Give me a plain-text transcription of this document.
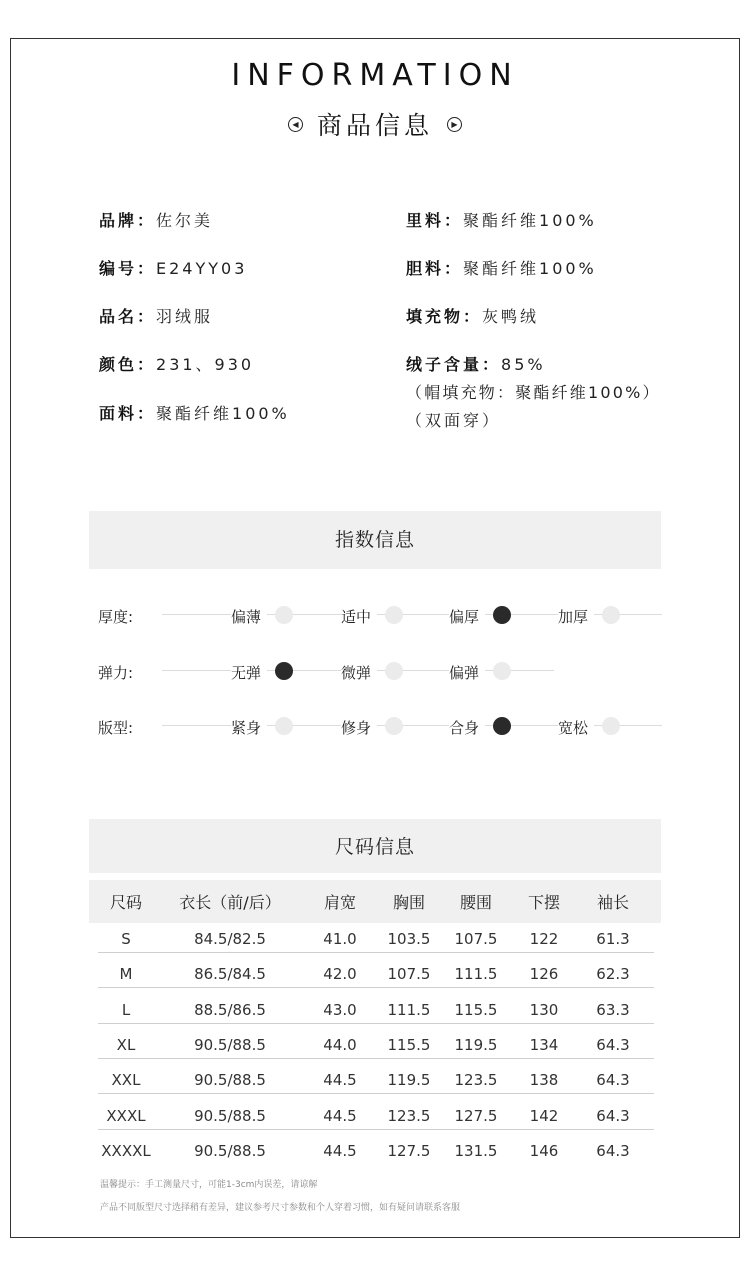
INFORMATION
◀ 商品信息	▶
品牌：佐尔美
编号：E24YY03
品名：羽绒服
颜色：231、930
面料：聚酯纤维100%
里料：聚酯纤维100%
胆料：聚酯纤维100%
填充物：灰鸭绒
绒子含量：85%
（帽填充物：聚酯纤维100%）
（双面穿）
指数信息
厚度:	偏薄	适中	偏厚	加厚
弹力:	无弹	微弹	偏弹
版型:	紧身	修身	合身	宽松
尺码信息
尺码	衣长（前/后）	肩宽	胸围	腰围	下摆	袖长
S	84.5/82.5	41.0	103.5	107.5	122	61.3
M	86.5/84.5	42.0	107.5	111.5	126	62.3
L	88.5/86.5	43.0	111.5	115.5	130	63.3
XL	90.5/88.5	44.0	115.5	119.5	134	64.3
XXL	90.5/88.5	44.5	119.5	123.5	138	64.3
XXXL	90.5/88.5	44.5	123.5	127.5	142	64.3
XXXXL	90.5/88.5	44.5	127.5	131.5	146	64.3
温馨提示：手工测量尺寸，可能1-3cm内误差，请谅解
产品不同版型尺寸选择稍有差异，建议参考尺寸参数和个人穿着习惯，如有疑问请联系客服
